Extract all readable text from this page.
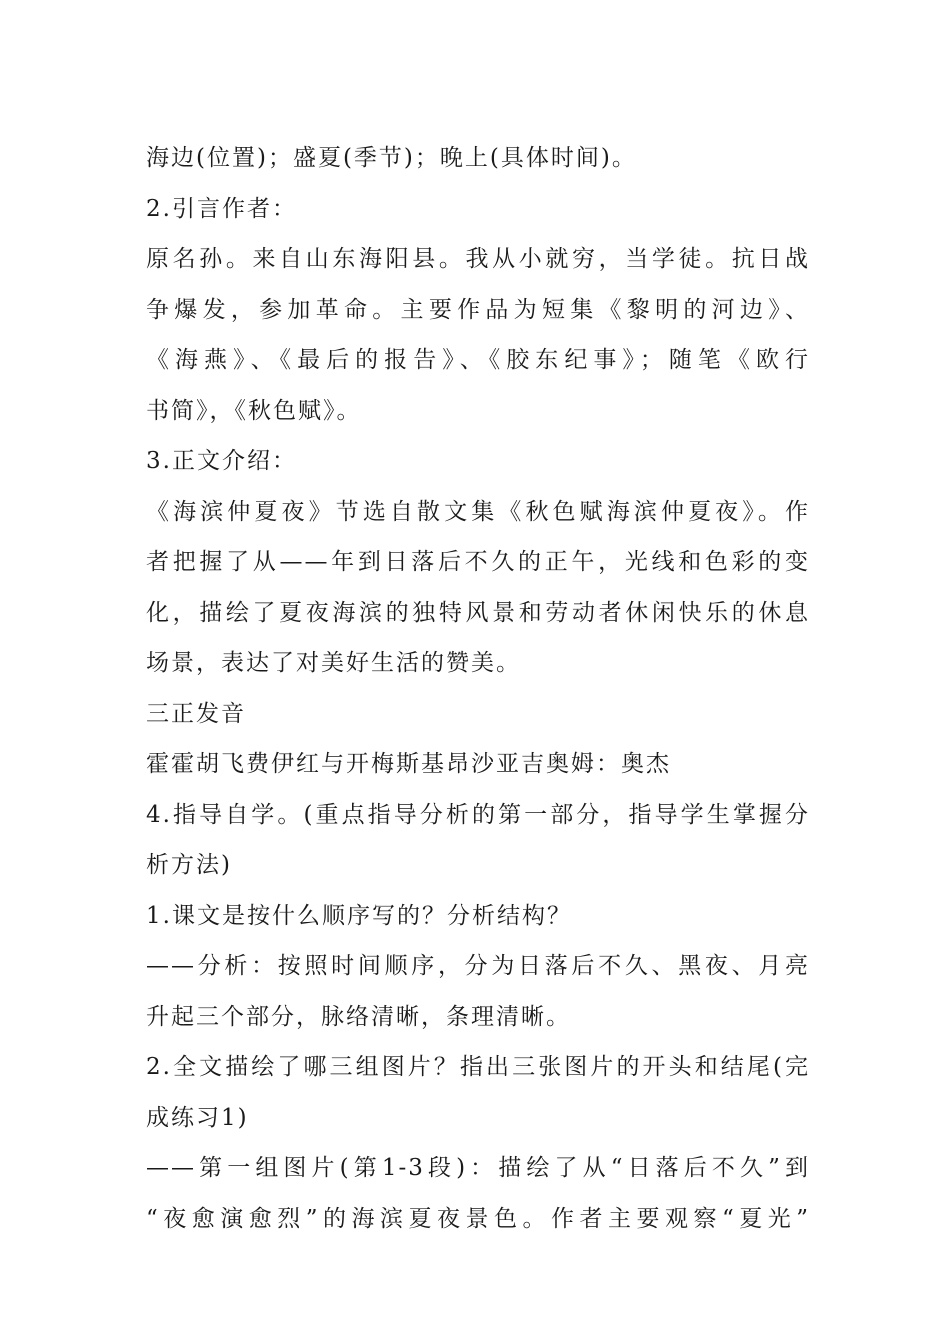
海边(位置)；盛夏(季节)；晚上(具体时间)。
2.引言作者：
原名孙。来自山东海阳县。我从小就穷，当学徒。抗日战
争爆发，参加革命。主要作品为短集《黎明的河边》、
《海燕》、《最后的报告》、《胶东纪事》；随笔《欧行
书简》，《秋色赋》。
3.正文介绍：
《海滨仲夏夜》节选自散文集《秋色赋海滨仲夏夜》。作
者把握了从——年到日落后不久的正午，光线和色彩的变
化，描绘了夏夜海滨的独特风景和劳动者休闲快乐的休息
场景，表达了对美好生活的赞美。
三正发音
霍霍胡飞费伊红与开梅斯基昂沙亚吉奥姆：奥杰
4.指导自学。(重点指导分析的第一部分，指导学生掌握分
析方法)
1.课文是按什么顺序写的？分析结构？
——分析：按照时间顺序，分为日落后不久、黑夜、月亮
升起三个部分，脉络清晰，条理清晰。
2.全文描绘了哪三组图片？指出三张图片的开头和结尾(完
成练习1)
——第一组图片(第1-3段)：描绘了从“日落后不久”到
“夜愈演愈烈”的海滨夏夜景色。作者主要观察“夏光”
